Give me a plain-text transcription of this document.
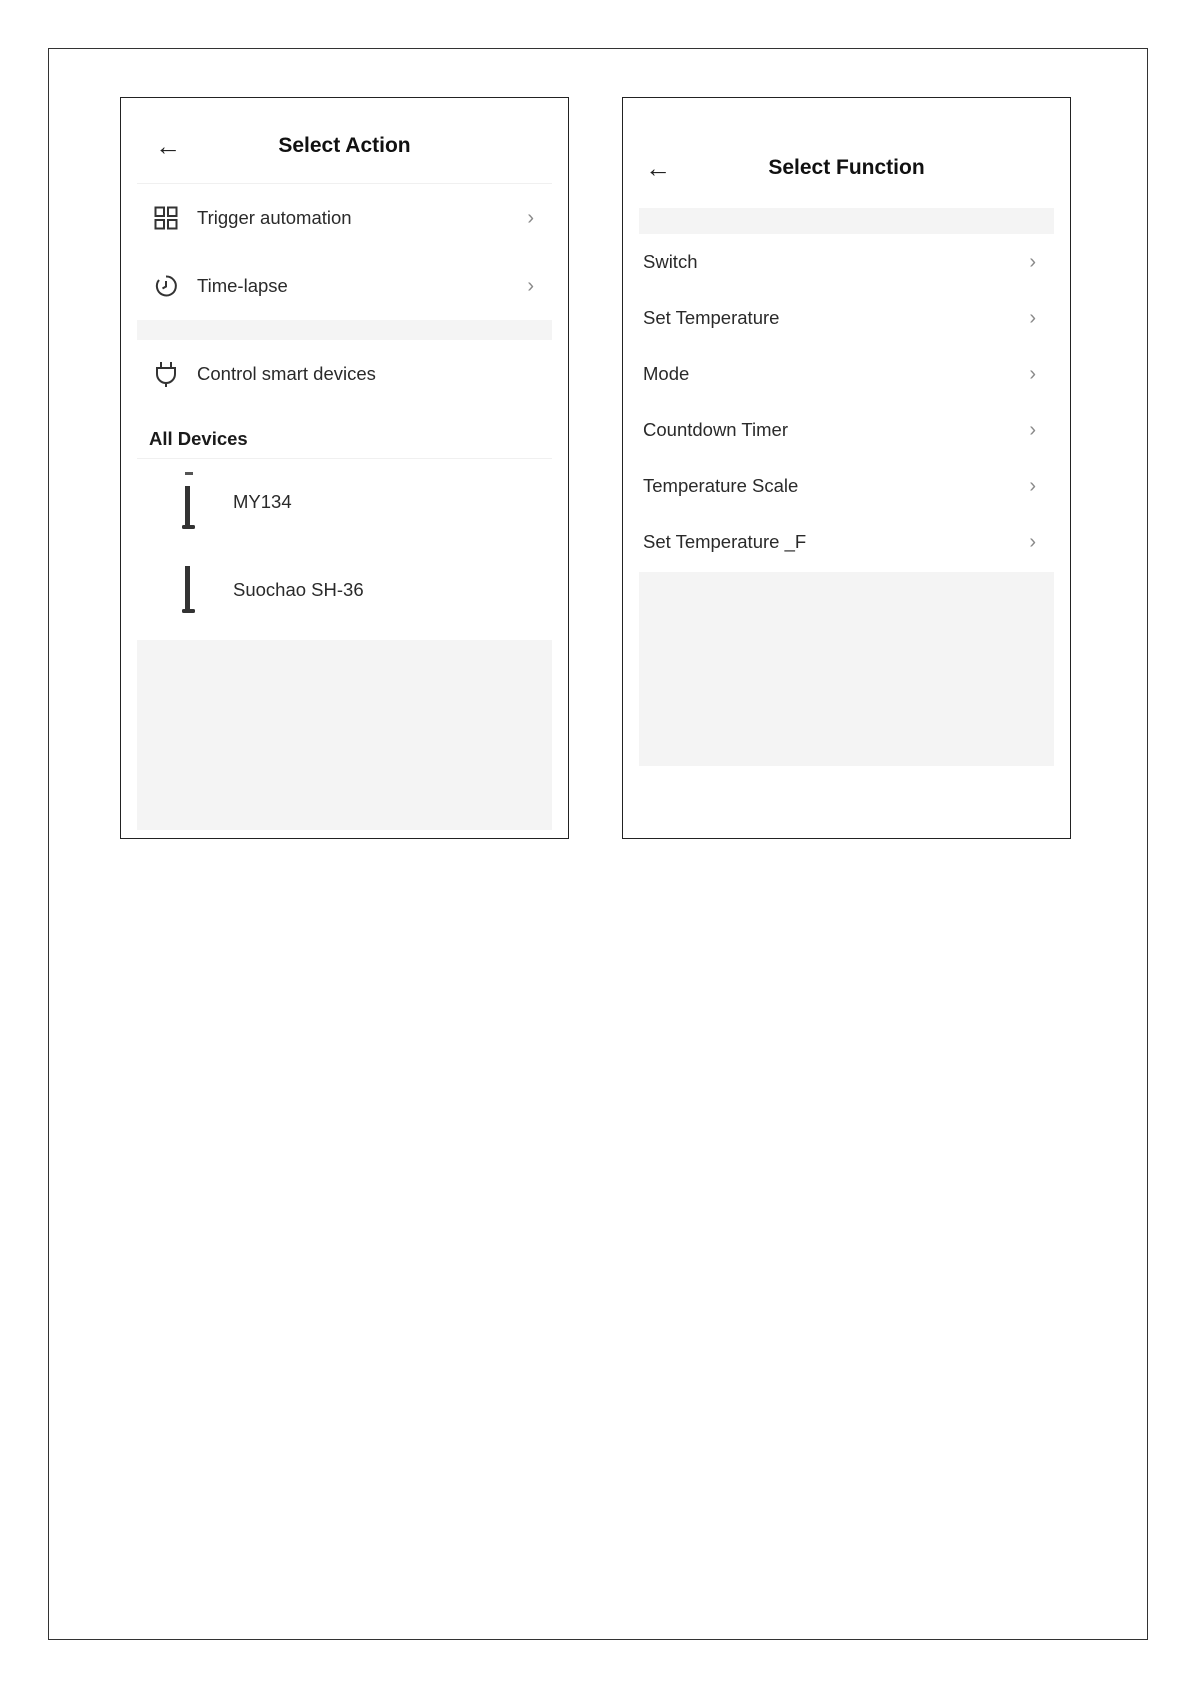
←	Select Action
Trigger automation	›
Time-lapse	›
Control smart devices
All Devices
MY134
Suochao SH-36
←	Select Function
Switch	›
Set Temperature	›
Mode	›
Countdown Timer	›
Temperature Scale	›
Set Temperature _F	›
